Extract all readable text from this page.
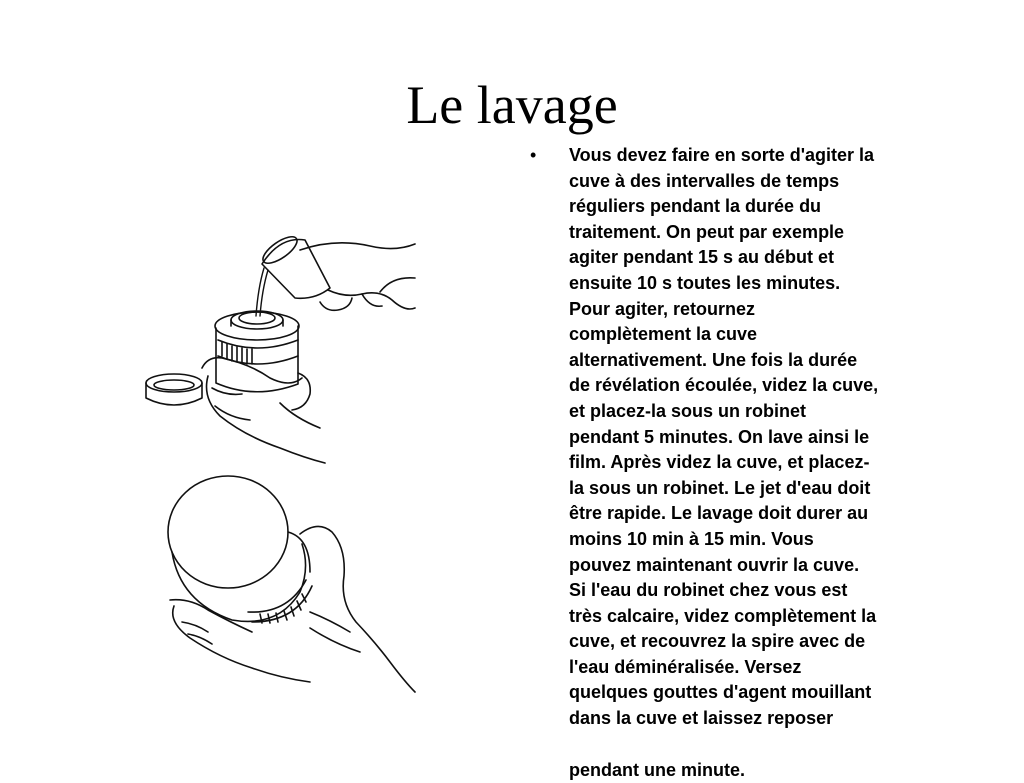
Le lavage
•	Vous devez faire en sorte d'agiter la
cuve à des intervalles de temps
réguliers pendant la durée du
traitement. On peut par exemple
agiter pendant 15 s au début et
ensuite 10 s toutes les minutes.
Pour agiter, retournez
complètement la cuve
alternativement. Une fois la durée
de révélation écoulée, videz la cuve,
et placez-la sous un robinet
pendant 5 minutes. On lave ainsi le
film. Après videz la cuve, et placez-
la sous un robinet. Le jet d'eau doit
être rapide. Le lavage doit durer au
moins 10 min à 15 min. Vous
pouvez maintenant ouvrir la cuve.
Si l'eau du robinet chez vous est
très calcaire, videz complètement la
cuve, et recouvrez la spire avec de
l'eau déminéralisée. Versez
quelques gouttes d'agent mouillant
dans la cuve et laissez reposer
pendant une minute.
